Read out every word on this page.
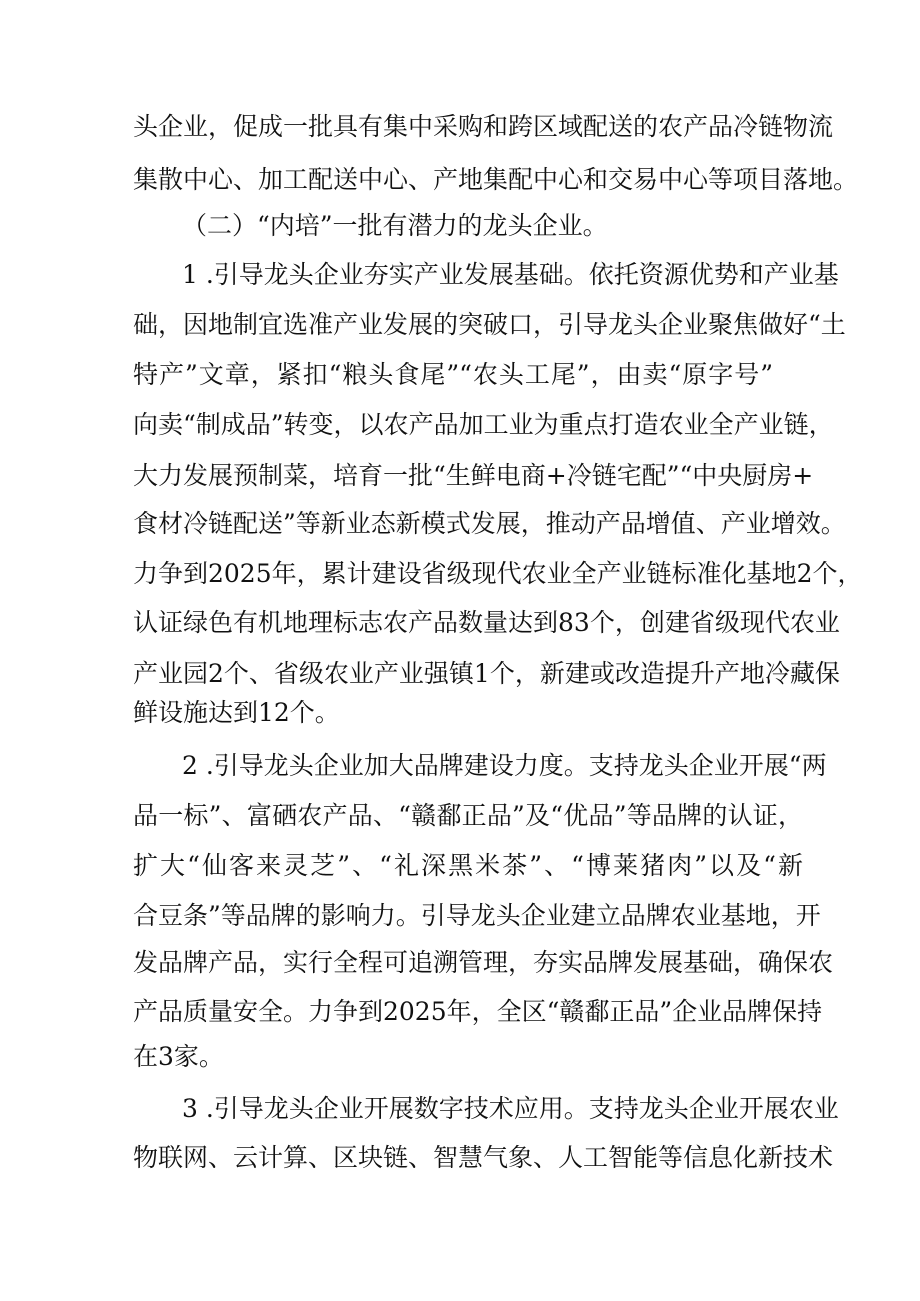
头企业，促成一批具有集中采购和跨区域配送的农产品冷链物流

集散中心、加工配送中心、产地集配中心和交易中心等项目落地。

（二）“内培”一批有潜力的龙头企业。

1 .引导龙头企业夯实产业发展基础。依托资源优势和产业基

础，因地制宜选准产业发展的突破口，引导龙头企业聚焦做好“土

特产”文章，紧扣“粮头食尾”“农头工尾”，由卖“原字号”

向卖“制成品”转变，以农产品加工业为重点打造农业全产业链，

大力发展预制菜，培育一批“生鲜电商+冷链宅配”“中央厨房+

食材冷链配送”等新业态新模式发展，推动产品增值、产业增效。

力争到2025年，累计建设省级现代农业全产业链标准化基地2个，

认证绿色有机地理标志农产品数量达到83个，创建省级现代农业

产业园2个、省级农业产业强镇1个，新建或改造提升产地冷藏保

鲜设施达到12个。

2 .引导龙头企业加大品牌建设力度。支持龙头企业开展“两

品一标”、富硒农产品、“赣鄱正品”及“优品”等品牌的认证，

扩大“仙客来灵芝”、“礼深黑米茶”、“博莱猪肉”以及“新

合豆条”等品牌的影响力。引导龙头企业建立品牌农业基地，开

发品牌产品，实行全程可追溯管理，夯实品牌发展基础，确保农

产品质量安全。力争到2025年，全区“赣鄱正品”企业品牌保持

在3家。

3 .引导龙头企业开展数字技术应用。支持龙头企业开展农业

物联网、云计算、区块链、智慧气象、人工智能等信息化新技术
